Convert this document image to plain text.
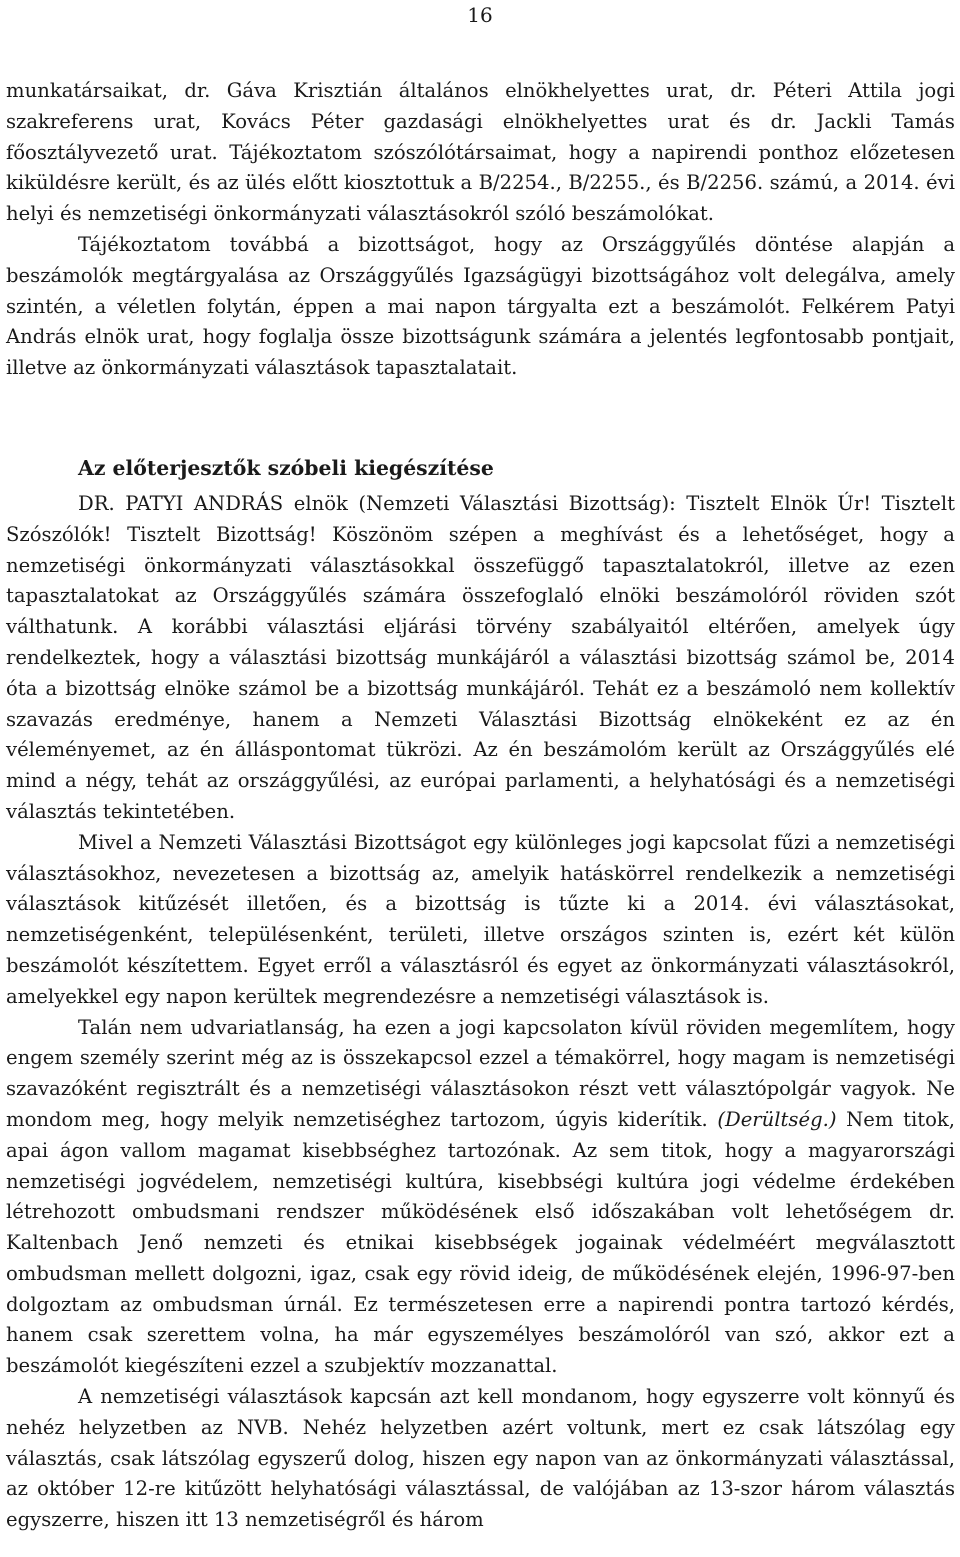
16

munkatársaikat, dr. Gáva Krisztián általános elnökhelyettes urat, dr. Péteri Attila jogi szakreferens urat, Kovács Péter gazdasági elnökhelyettes urat és dr. Jackli Tamás főosztályvezető urat. Tájékoztatom szószólótársaimat, hogy a napirendi ponthoz előzetesen kiküldésre került, és az ülés előtt kiosztottuk a B/2254., B/2255., és B/2256. számú, a 2014. évi helyi és nemzetiségi önkormányzati választásokról szóló beszámolókat.

Tájékoztatom továbbá a bizottságot, hogy az Országgyűlés döntése alapján a beszámolók megtárgyalása az Országgyűlés Igazságügyi bizottságához volt delegálva, amely szintén, a véletlen folytán, éppen a mai napon tárgyalta ezt a beszámolót. Felkérem Patyi András elnök urat, hogy foglalja össze bizottságunk számára a jelentés legfontosabb pontjait, illetve az önkormányzati választások tapasztalatait.

Az előterjesztők szóbeli kiegészítése

DR. PATYI ANDRÁS elnök (Nemzeti Választási Bizottság): Tisztelt Elnök Úr! Tisztelt Szószólók! Tisztelt Bizottság! Köszönöm szépen a meghívást és a lehetőséget, hogy a nemzetiségi önkormányzati választásokkal összefüggő tapasztalatokról, illetve az ezen tapasztalatokat az Országgyűlés számára összefoglaló elnöki beszámolóról röviden szót válthatunk. A korábbi választási eljárási törvény szabályaitól eltérően, amelyek úgy rendelkeztek, hogy a választási bizottság munkájáról a választási bizottság számol be, 2014 óta a bizottság elnöke számol be a bizottság munkájáról. Tehát ez a beszámoló nem kollektív szavazás eredménye, hanem a Nemzeti Választási Bizottság elnökeként ez az én véleményemet, az én álláspontomat tükrözi. Az én beszámolóm került az Országgyűlés elé mind a négy, tehát az országgyűlési, az európai parlamenti, a helyhatósági és a nemzetiségi választás tekintetében.

Mivel a Nemzeti Választási Bizottságot egy különleges jogi kapcsolat fűzi a nemzetiségi választásokhoz, nevezetesen a bizottság az, amelyik hatáskörrel rendelkezik a nemzetiségi választások kitűzését illetően, és a bizottság is tűzte ki a 2014. évi választásokat, nemzetiségenként, településenként, területi, illetve országos szinten is, ezért két külön beszámolót készítettem. Egyet erről a választásról és egyet az önkormányzati választásokról, amelyekkel egy napon kerültek megrendezésre a nemzetiségi választások is.

Talán nem udvariatlanság, ha ezen a jogi kapcsolaton kívül röviden megemlítem, hogy engem személy szerint még az is összekapcsol ezzel a témakörrel, hogy magam is nemzetiségi szavazóként regisztrált és a nemzetiségi választásokon részt vett választópolgár vagyok. Ne mondom meg, hogy melyik nemzetiséghez tartozom, úgyis kiderítik. (Derültség.) Nem titok, apai ágon vallom magamat kisebbséghez tartozónak. Az sem titok, hogy a magyarországi nemzetiségi jogvédelem, nemzetiségi kultúra, kisebbségi kultúra jogi védelme érdekében létrehozott ombudsmani rendszer működésének első időszakában volt lehetőségem dr. Kaltenbach Jenő nemzeti és etnikai kisebbségek jogainak védelméért megválasztott ombudsman mellett dolgozni, igaz, csak egy rövid ideig, de működésének elején, 1996-97-ben dolgoztam az ombudsman úrnál. Ez természetesen erre a napirendi pontra tartozó kérdés, hanem csak szerettem volna, ha már egyszemélyes beszámolóról van szó, akkor ezt a beszámolót kiegészíteni ezzel a szubjektív mozzanattal.

A nemzetiségi választások kapcsán azt kell mondanom, hogy egyszerre volt könnyű és nehéz helyzetben az NVB. Nehéz helyzetben azért voltunk, mert ez csak látszólag egy választás, csak látszólag egyszerű dolog, hiszen egy napon van az önkormányzati választással, az október 12-re kitűzött helyhatósági választással, de valójában az 13-szor három választás egyszerre, hiszen itt 13 nemzetiségről és három
